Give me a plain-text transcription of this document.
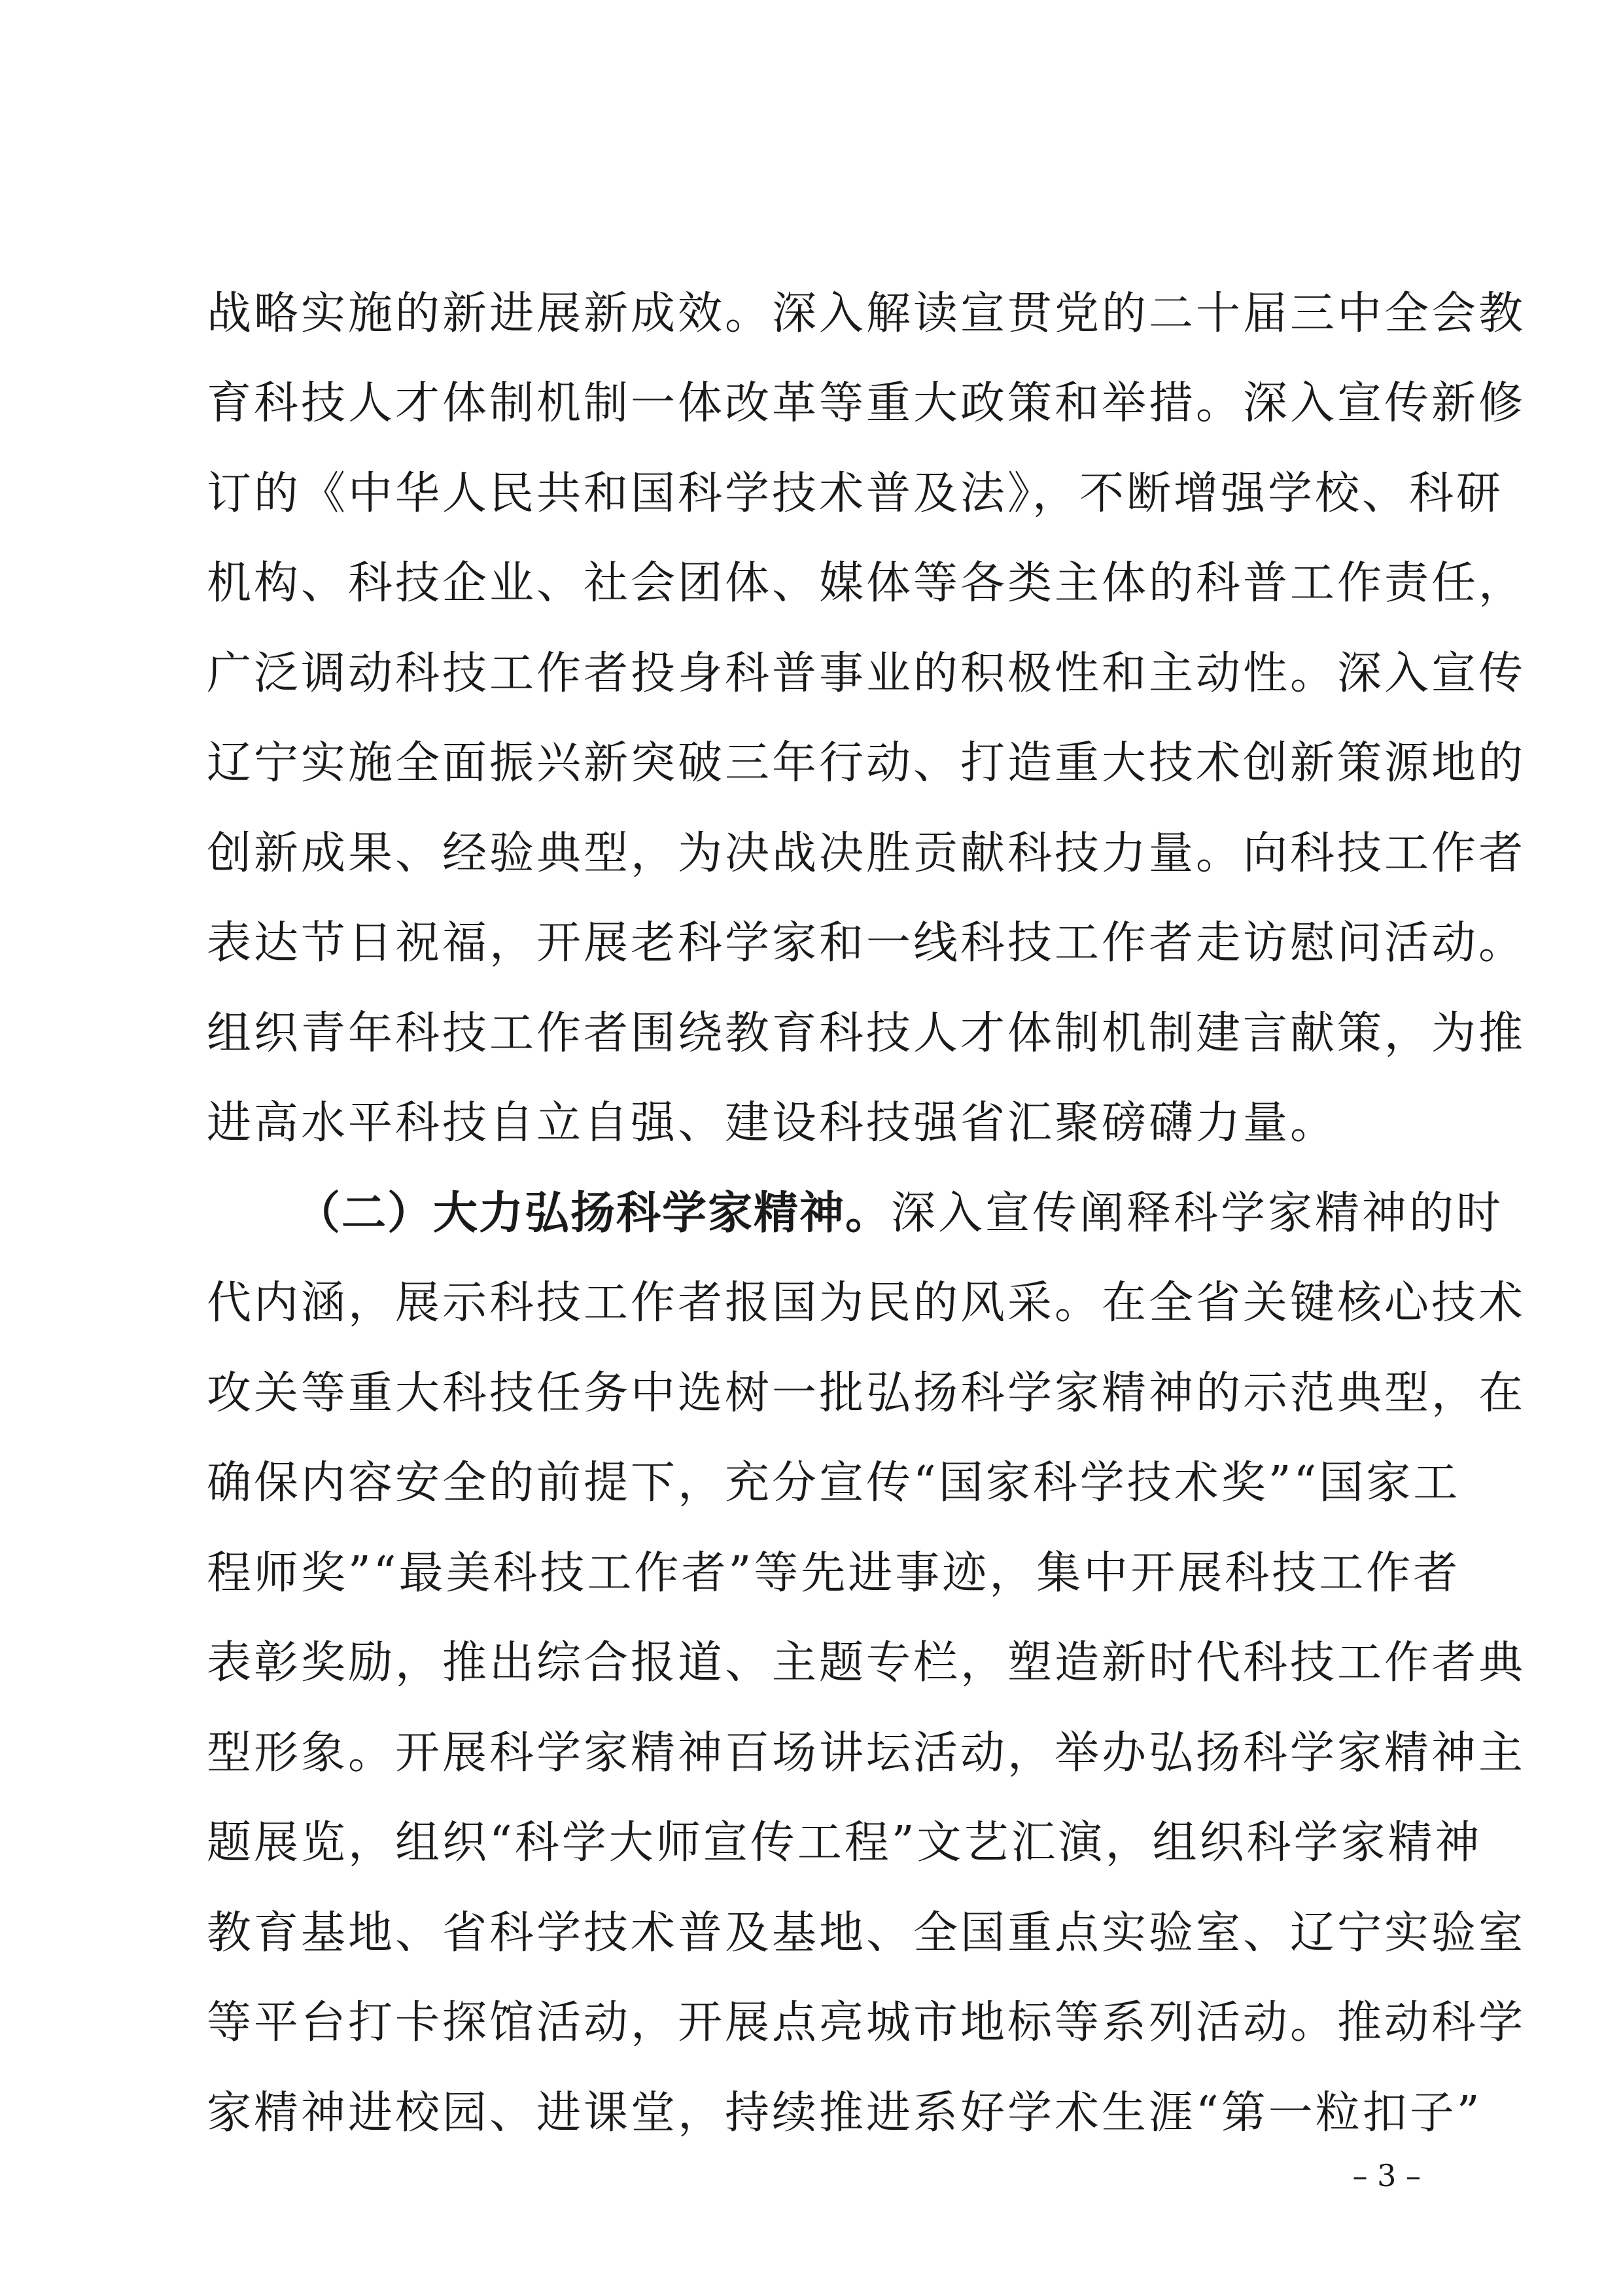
战略实施的新进展新成效。深入解读宣贯党的二十届三中全会教
育科技人才体制机制一体改革等重大政策和举措。深入宣传新修
订的《中华人民共和国科学技术普及法》，不断增强学校、科研
机构、科技企业、社会团体、媒体等各类主体的科普工作责任，
广泛调动科技工作者投身科普事业的积极性和主动性。深入宣传
辽宁实施全面振兴新突破三年行动、打造重大技术创新策源地的
创新成果、经验典型，为决战决胜贡献科技力量。向科技工作者
表达节日祝福，开展老科学家和一线科技工作者走访慰问活动。
组织青年科技工作者围绕教育科技人才体制机制建言献策，为推
进高水平科技自立自强、建设科技强省汇聚磅礴力量。
（二）大力弘扬科学家精神。深入宣传阐释科学家精神的时
代内涵，展示科技工作者报国为民的风采。在全省关键核心技术
攻关等重大科技任务中选树一批弘扬科学家精神的示范典型，在
确保内容安全的前提下，充分宣传“国家科学技术奖”“国家工
程师奖”“最美科技工作者”等先进事迹，集中开展科技工作者
表彰奖励，推出综合报道、主题专栏，塑造新时代科技工作者典
型形象。开展科学家精神百场讲坛活动，举办弘扬科学家精神主
题展览，组织“科学大师宣传工程”文艺汇演，组织科学家精神
教育基地、省科学技术普及基地、全国重点实验室、辽宁实验室
等平台打卡探馆活动，开展点亮城市地标等系列活动。推动科学
家精神进校园、进课堂，持续推进系好学术生涯“第一粒扣子”
– 3 –
